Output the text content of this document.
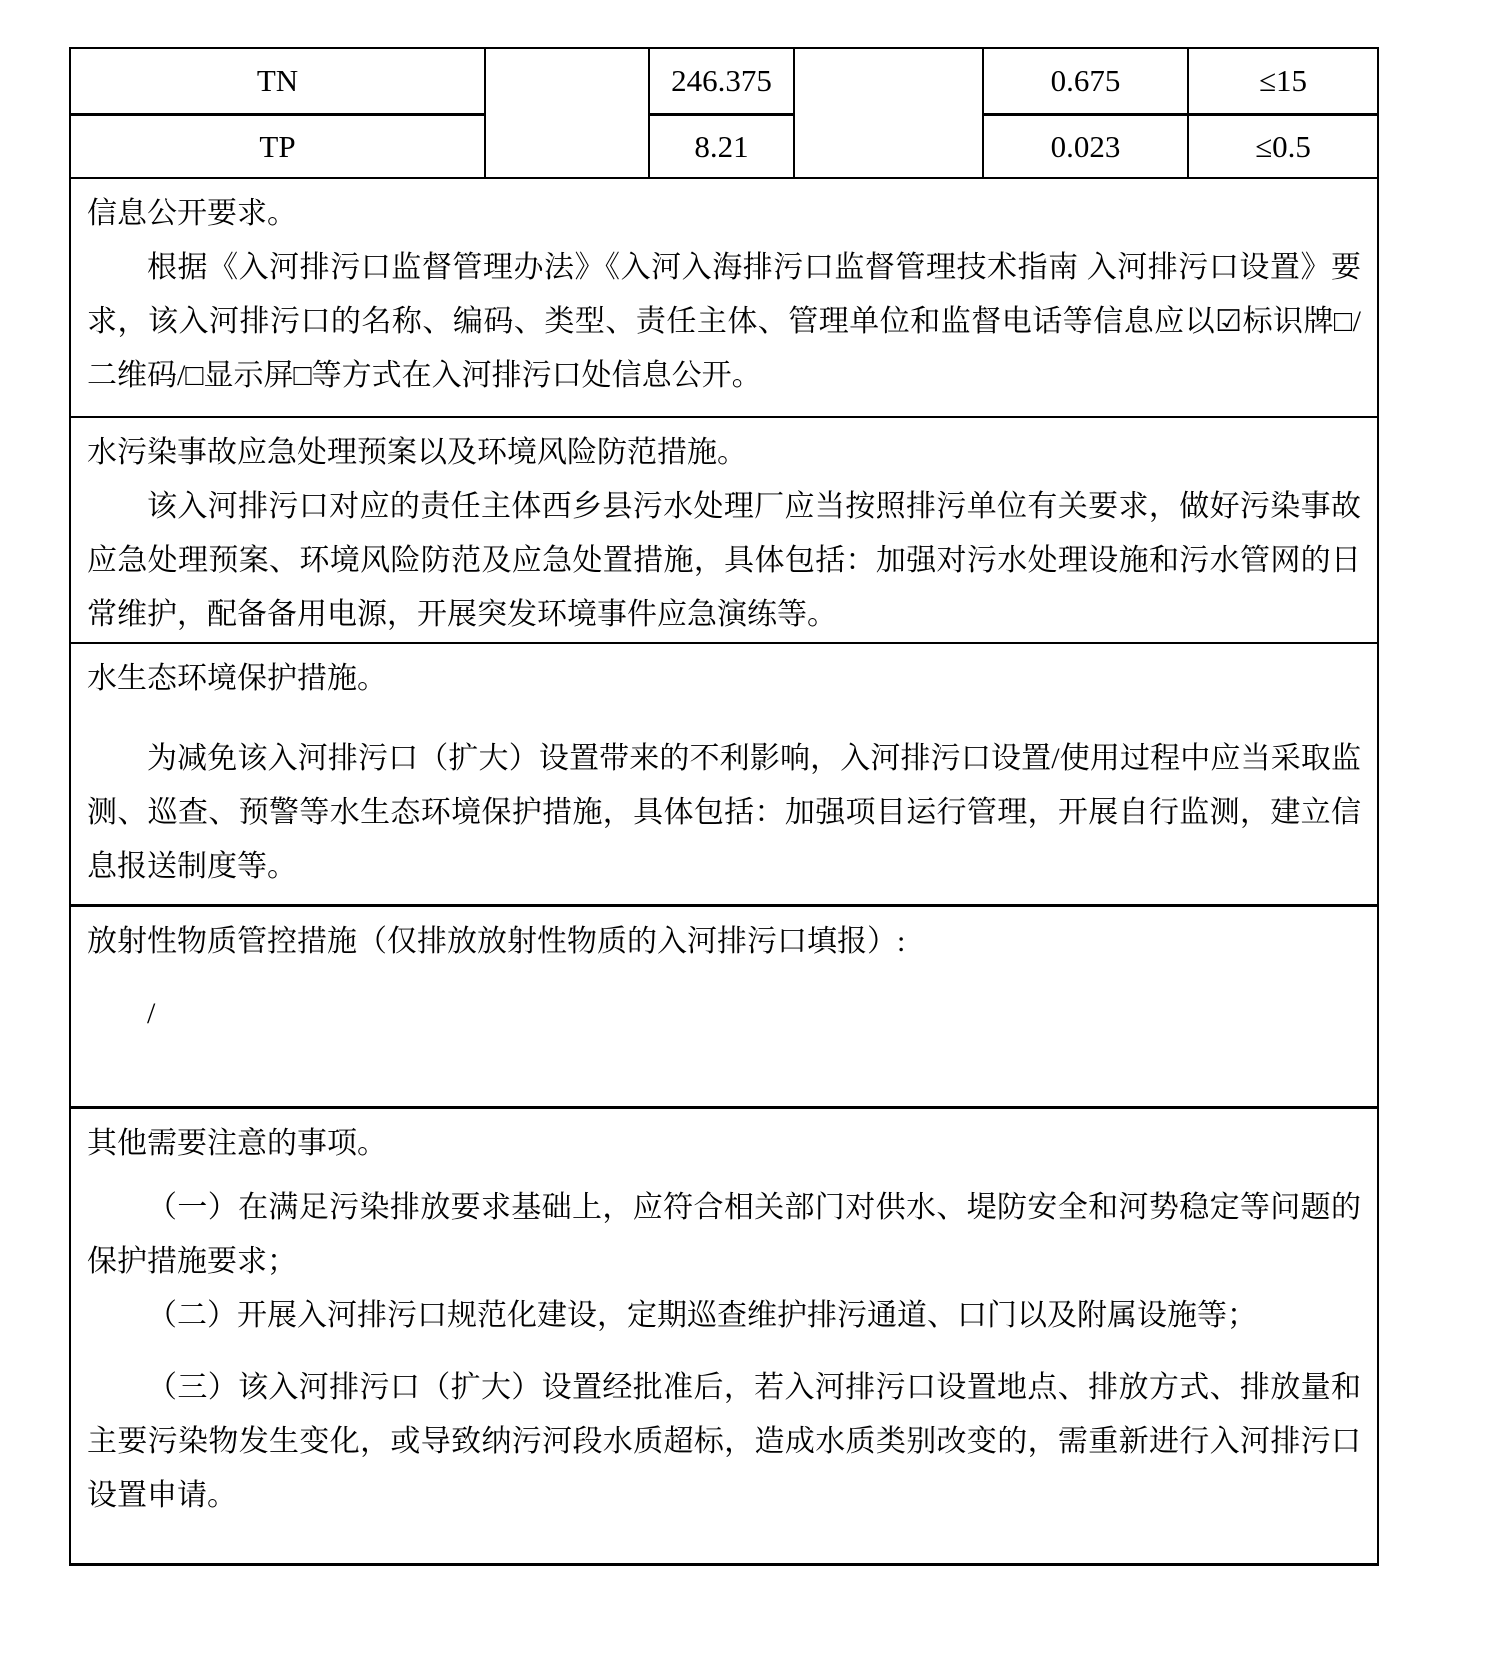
TN		246.375		0.675	≤15
TP		8.21		0.023	≤0.5

信息公开要求。

根据《入河排污口监督管理办法》《入河入海排污口监督管理技术指南 入河排污口设置》要求，该入河排污口的名称、编码、类型、责任主体、管理单位和监督电话等信息应以☑标识牌□/二维码/□显示屏□等方式在入河排污口处信息公开。					

水污染事故应急处理预案以及环境风险防范措施。

该入河排污口对应的责任主体西乡县污水处理厂应当按照排污单位有关要求，做好污染事故应急处理预案、环境风险防范及应急处置措施，具体包括：加强对污水处理设施和污水管网的日常维护，配备备用电源，开展突发环境事件应急演练等。					

水生态环境保护措施。

为减免该入河排污口（扩大）设置带来的不利影响，入河排污口设置/使用过程中应当采取监测、巡查、预警等水生态环境保护措施，具体包括：加强项目运行管理，开展自行监测，建立信息报送制度等。					

放射性物质管控措施（仅排放放射性物质的入河排污口填报）:

/					

其他需要注意的事项。

（一）在满足污染排放要求基础上，应符合相关部门对供水、堤防安全和河势稳定等问题的保护措施要求；

（二）开展入河排污口规范化建设，定期巡查维护排污通道、口门以及附属设施等；

（三）该入河排污口（扩大）设置经批准后，若入河排污口设置地点、排放方式、排放量和主要污染物发生变化，或导致纳污河段水质超标，造成水质类别改变的，需重新进行入河排污口设置申请。					
